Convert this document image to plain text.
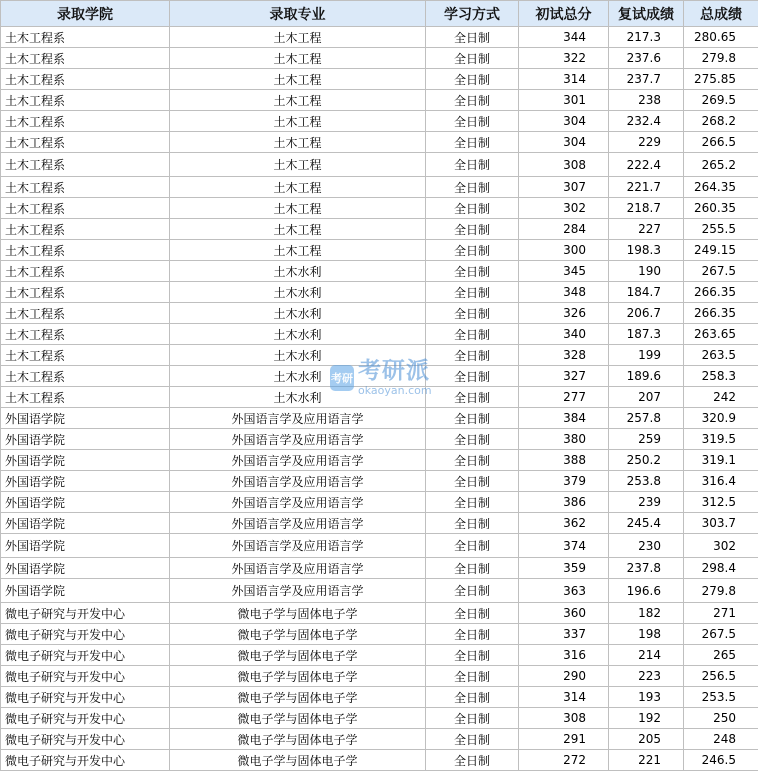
录取学院	录取专业	学习方式	初试总分	复试成绩	总成绩
土木工程系	土木工程	全日制	344	217.3	280.65
土木工程系	土木工程	全日制	322	237.6	279.8
土木工程系	土木工程	全日制	314	237.7	275.85
土木工程系	土木工程	全日制	301	238	269.5
土木工程系	土木工程	全日制	304	232.4	268.2
土木工程系	土木工程	全日制	304	229	266.5
土木工程系	土木工程	全日制	308	222.4	265.2
土木工程系	土木工程	全日制	307	221.7	264.35
土木工程系	土木工程	全日制	302	218.7	260.35
土木工程系	土木工程	全日制	284	227	255.5
土木工程系	土木工程	全日制	300	198.3	249.15
土木工程系	土木水利	全日制	345	190	267.5
土木工程系	土木水利	全日制	348	184.7	266.35
土木工程系	土木水利	全日制	326	206.7	266.35
土木工程系	土木水利	全日制	340	187.3	263.65
土木工程系	土木水利	全日制	328	199	263.5
土木工程系	土木水利	全日制	327	189.6	258.3
土木工程系	土木水利	全日制	277	207	242
外国语学院	外国语言学及应用语言学	全日制	384	257.8	320.9
外国语学院	外国语言学及应用语言学	全日制	380	259	319.5
外国语学院	外国语言学及应用语言学	全日制	388	250.2	319.1
外国语学院	外国语言学及应用语言学	全日制	379	253.8	316.4
外国语学院	外国语言学及应用语言学	全日制	386	239	312.5
外国语学院	外国语言学及应用语言学	全日制	362	245.4	303.7
外国语学院	外国语言学及应用语言学	全日制	374	230	302
外国语学院	外国语言学及应用语言学	全日制	359	237.8	298.4
外国语学院	外国语言学及应用语言学	全日制	363	196.6	279.8
微电子研究与开发中心	微电子学与固体电子学	全日制	360	182	271
微电子研究与开发中心	微电子学与固体电子学	全日制	337	198	267.5
微电子研究与开发中心	微电子学与固体电子学	全日制	316	214	265
微电子研究与开发中心	微电子学与固体电子学	全日制	290	223	256.5
微电子研究与开发中心	微电子学与固体电子学	全日制	314	193	253.5
微电子研究与开发中心	微电子学与固体电子学	全日制	308	192	250
微电子研究与开发中心	微电子学与固体电子学	全日制	291	205	248
微电子研究与开发中心	微电子学与固体电子学	全日制	272	221	246.5
考研 考研派
okaoyan.com
